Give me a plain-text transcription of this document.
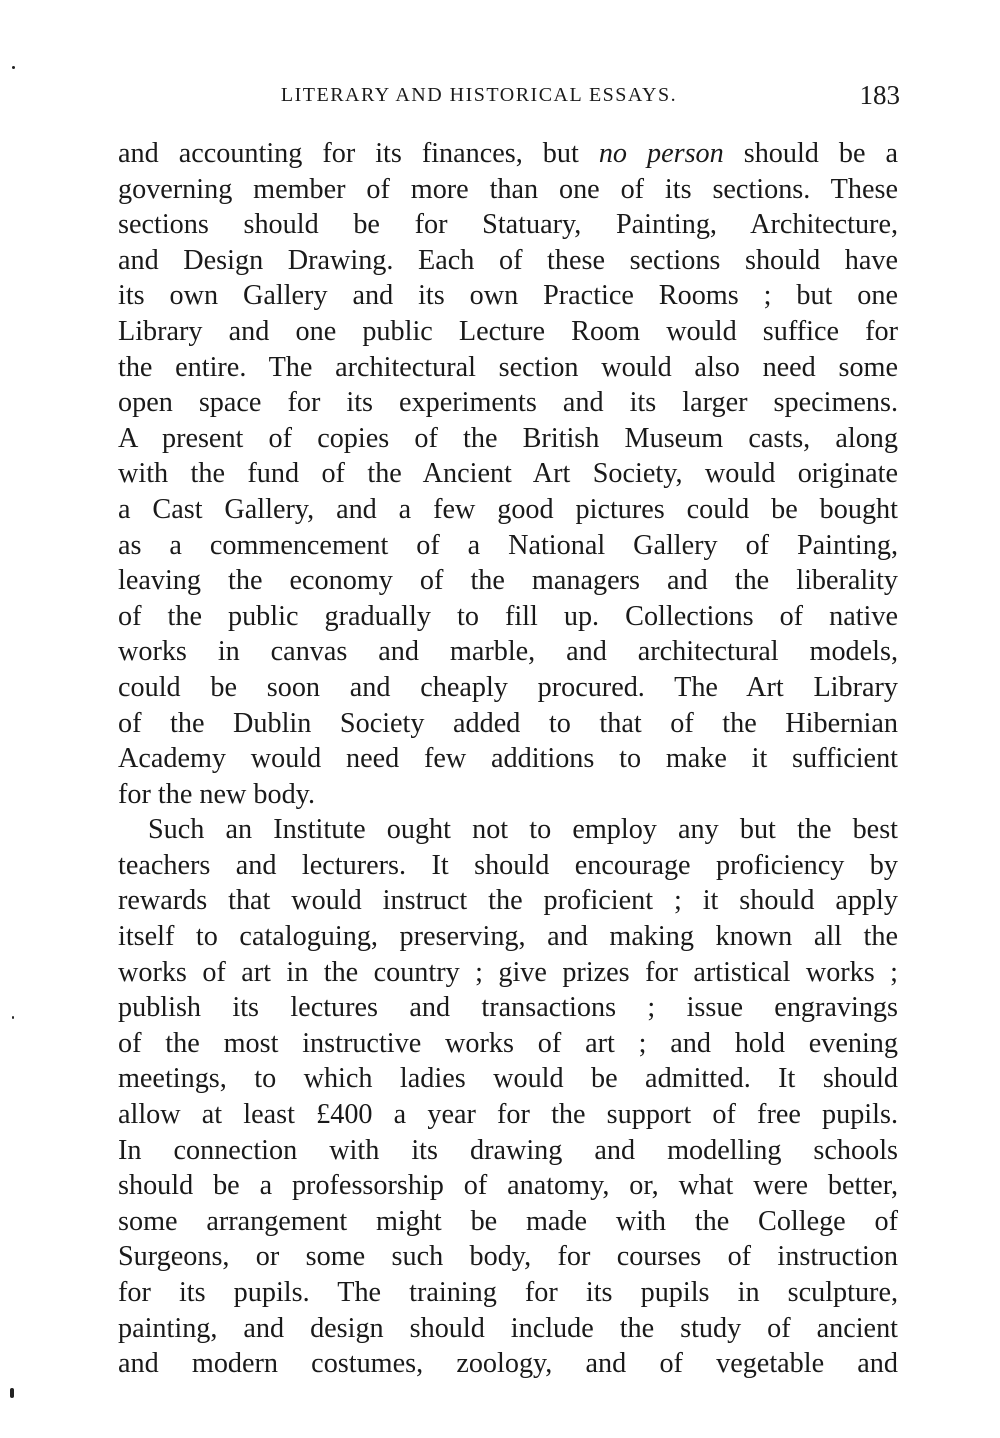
LITERARY AND HISTORICAL ESSAYS.	183
and accounting for its finances, but no person should be a
governing member of more than one of its sections. These
sections should be for Statuary, Painting, Architecture,
and Design Drawing. Each of these sections should have
its own Gallery and its own Practice Rooms ; but one
Library and one public Lecture Room would suffice for
the entire. The architectural section would also need some
open space for its experiments and its larger specimens.
A present of copies of the British Museum casts, along
with the fund of the Ancient Art Society, would originate
a Cast Gallery, and a few good pictures could be bought
as a commencement of a National Gallery of Painting,
leaving the economy of the managers and the liberality
of the public gradually to fill up. Collections of native
works in canvas and marble, and architectural models,
could be soon and cheaply procured. The Art Library
of the Dublin Society added to that of the Hibernian
Academy would need few additions to make it sufficient
for the new body.
Such an Institute ought not to employ any but the best
teachers and lecturers. It should encourage proficiency by
rewards that would instruct the proficient ; it should apply
itself to cataloguing, preserving, and making known all the
works of art in the country ; give prizes for artistical works ;
publish its lectures and transactions ; issue engravings
of the most instructive works of art ; and hold evening
meetings, to which ladies would be admitted. It should
allow at least £400 a year for the support of free pupils.
In connection with its drawing and modelling schools
should be a professorship of anatomy, or, what were better,
some arrangement might be made with the College of
Surgeons, or some such body, for courses of instruction
for its pupils. The training for its pupils in sculpture,
painting, and design should include the study of ancient
and modern costumes, zoology, and of vegetable and
